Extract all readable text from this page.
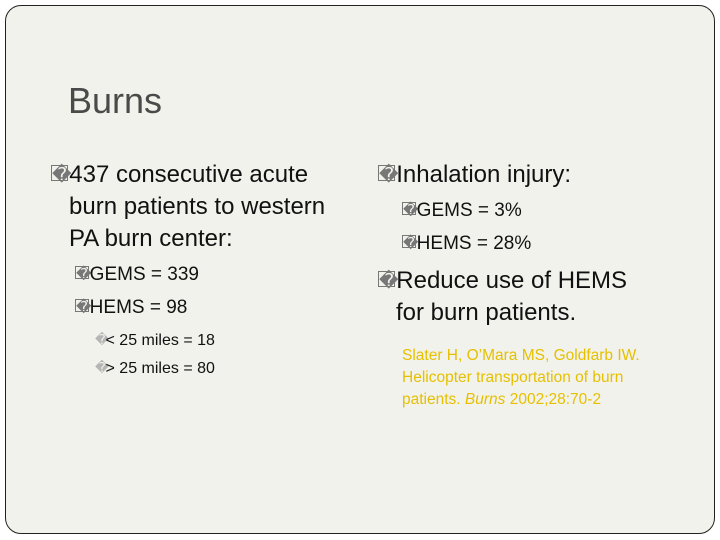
Burns
�437 consecutive acute
burn patients to western
PA burn center:
�GEMS = 339
�HEMS = 98
�< 25 miles = 18
�> 25 miles = 80
�Inhalation injury:
�GEMS = 3%
�HEMS = 28%
�Reduce use of HEMS
for burn patients.
Slater H, O’Mara MS, Goldfarb IW.
Helicopter transportation of burn
patients. Burns 2002;28:70-2
